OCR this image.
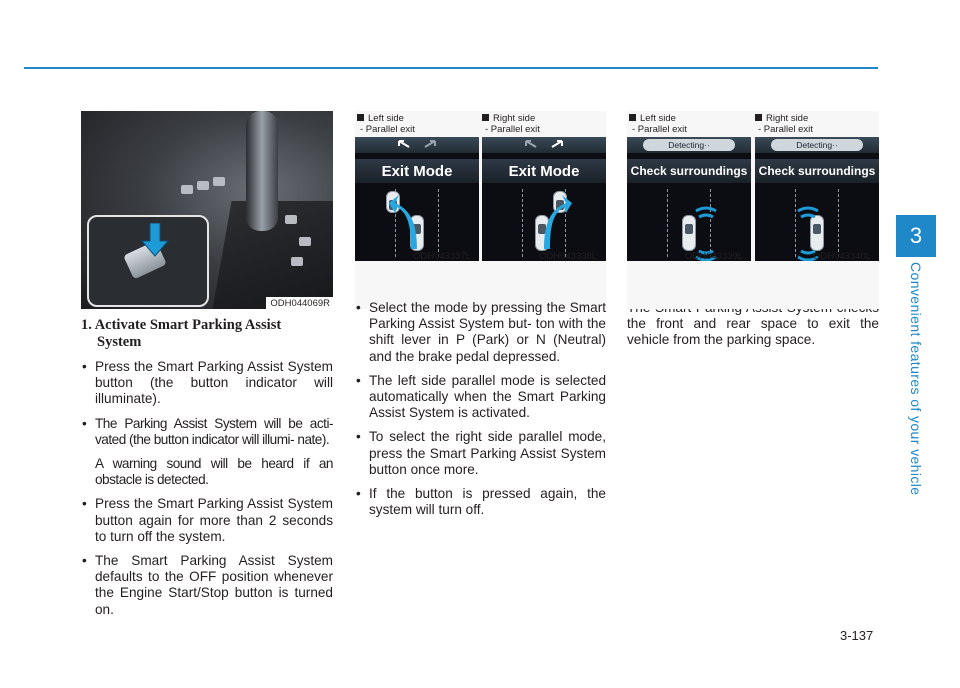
3
Convenient features of your vehicle
ODH044069R
1. Activate Smart Parking Assist
System
• Press the Smart Parking Assist System button (the button indicator will illuminate).
• The Parking Assist System will be acti- vated (the button indicator will illumi- nate).
A warning sound will be heard if an obstacle is detected.
• Press the Smart Parking Assist System button again for more than 2 seconds to turn off the system.
• The Smart Parking Assist System defaults to the OFF position whenever the Engine Start/Stop button is turned on.
Left side
- Parallel exit
Right side
- Parallel exit
Exit Mode	Exit Mode
ODH043337L	ODH043338L
• Select the mode by pressing the Smart Parking Assist System but- ton with the shift lever in P (Park) or N (Neutral) and the brake pedal depressed.
• The left side parallel mode is selected automatically when the Smart Parking Assist System is activated.
• To select the right side parallel mode, press the Smart Parking Assist System button once more.
• If the button is pressed again, the system will turn off.
Left side
- Parallel exit
Right side
- Parallel exit
Detecting··
Check surroundings
Detecting··
Check surroundings
ODH043339L	ODH043340L

the front and rear space to exit the vehicle from the parking space.

3-137
